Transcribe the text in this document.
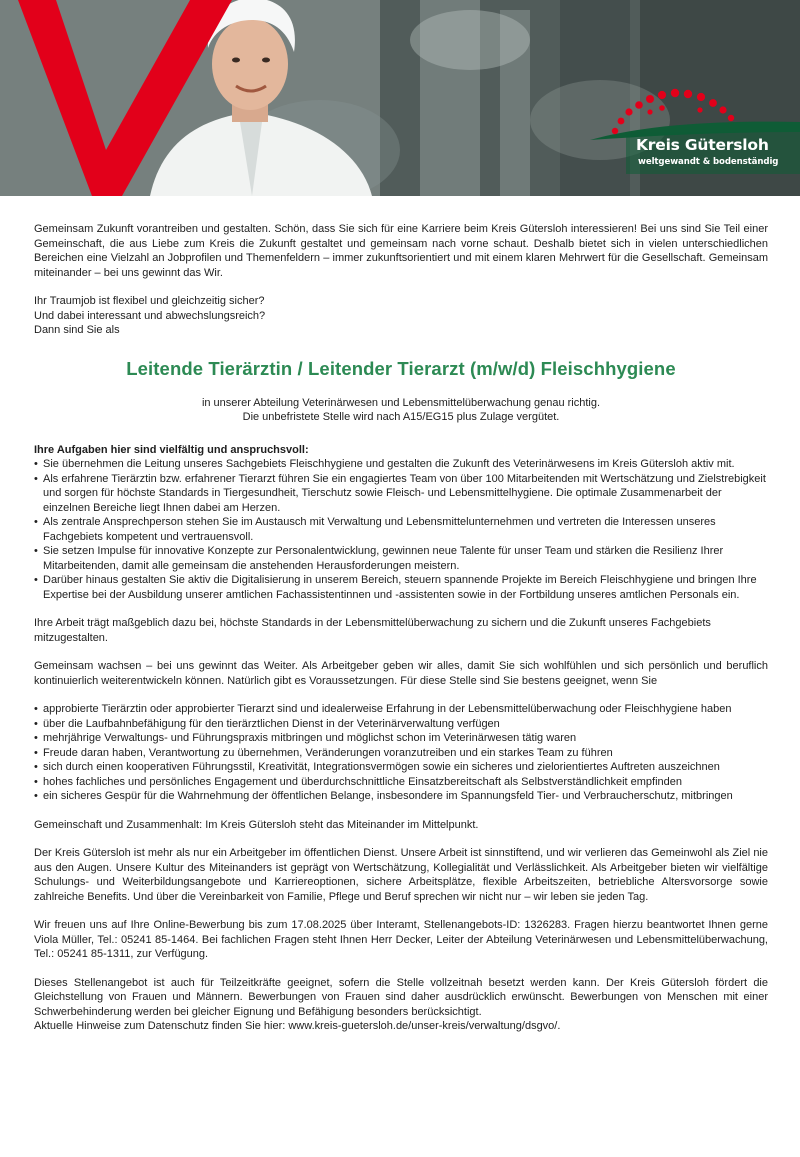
Kreis Gütersloh
weltgewandt & bodenständig

Gemeinsam Zukunft vorantreiben und gestalten. Schön, dass Sie sich für eine Karriere beim Kreis Gütersloh interessieren! Bei uns sind Sie Teil einer Gemeinschaft, die aus Liebe zum Kreis die Zukunft gestaltet und gemeinsam nach vorne schaut. Deshalb bietet sich in vielen unterschiedlichen Bereichen eine Vielzahl an Jobprofilen und Themenfeldern – immer zukunftsorientiert und mit einem klaren Mehrwert für die Gesellschaft. Gemeinsam miteinander – bei uns gewinnt das Wir.

Ihr Traumjob ist flexibel und gleichzeitig sicher?

Und dabei interessant und abwechslungsreich?

Dann sind Sie als

Leitende Tierärztin / Leitender Tierarzt (m/w/d) Fleischhygiene

in unserer Abteilung Veterinärwesen und Lebensmittelüberwachung genau richtig.

Die unbefristete Stelle wird nach A15/EG15 plus Zulage vergütet.

Ihre Aufgaben hier sind vielfältig und anspruchsvoll:

• Sie übernehmen die Leitung unseres Sachgebiets Fleischhygiene und gestalten die Zukunft des Veterinärwesens im Kreis Gütersloh aktiv mit.
• Als erfahrene Tierärztin bzw. erfahrener Tierarzt führen Sie ein engagiertes Team von über 100 Mitarbeitenden mit Wertschätzung und Zielstrebigkeit und sorgen für höchste Standards in Tiergesundheit, Tierschutz sowie Fleisch- und Lebensmittelhygiene. Die optimale Zusammenarbeit der einzelnen Bereiche liegt Ihnen dabei am Herzen.
• Als zentrale Ansprechperson stehen Sie im Austausch mit Verwaltung und Lebensmittelunternehmen und vertreten die Interessen unseres Fachgebiets kompetent und vertrauensvoll.
• Sie setzen Impulse für innovative Konzepte zur Personalentwicklung, gewinnen neue Talente für unser Team und stärken die Resilienz Ihrer Mitarbeitenden, damit alle gemeinsam die anstehenden Herausforderungen meistern.
• Darüber hinaus gestalten Sie aktiv die Digitalisierung in unserem Bereich, steuern spannende Projekte im Bereich Fleischhygiene und bringen Ihre Expertise bei der Ausbildung unserer amtlichen Fachassistentinnen und -assistenten sowie in der Fortbildung unseres amtlichen Personals ein.

Ihre Arbeit trägt maßgeblich dazu bei, höchste Standards in der Lebensmittelüberwachung zu sichern und die Zukunft unseres Fachgebiets mitzugestalten.

Gemeinsam wachsen – bei uns gewinnt das Weiter. Als Arbeitgeber geben wir alles, damit Sie sich wohlfühlen und sich persönlich und beruflich kontinuierlich weiterentwickeln können. Natürlich gibt es Voraussetzungen. Für diese Stelle sind Sie bestens geeignet, wenn Sie

• approbierte Tierärztin oder approbierter Tierarzt sind und idealerweise Erfahrung in der Lebensmittelüberwachung oder Fleischhygiene haben
• über die Laufbahnbefähigung für den tierärztlichen Dienst in der Veterinärverwaltung verfügen
• mehrjährige Verwaltungs- und Führungspraxis mitbringen und möglichst schon im Veterinärwesen tätig waren
• Freude daran haben, Verantwortung zu übernehmen, Veränderungen voranzutreiben und ein starkes Team zu führen
• sich durch einen kooperativen Führungsstil, Kreativität, Integrationsvermögen sowie ein sicheres und zielorientiertes Auftreten auszeichnen
• hohes fachliches und persönliches Engagement und überdurchschnittliche Einsatzbereitschaft als Selbstverständlichkeit empfinden
• ein sicheres Gespür für die Wahrnehmung der öffentlichen Belange, insbesondere im Spannungsfeld Tier- und Verbraucherschutz, mitbringen

Gemeinschaft und Zusammenhalt: Im Kreis Gütersloh steht das Miteinander im Mittelpunkt.

Der Kreis Gütersloh ist mehr als nur ein Arbeitgeber im öffentlichen Dienst. Unsere Arbeit ist sinnstiftend, und wir verlieren das Gemeinwohl als Ziel nie aus den Augen. Unsere Kultur des Miteinanders ist geprägt von Wertschätzung, Kollegialität und Verlässlichkeit. Als Arbeitgeber bieten wir vielfältige Schulungs- und Weiterbildungsangebote und Karriereoptionen, sichere Arbeitsplätze, flexible Arbeitszeiten, betriebliche Altersvorsorge sowie zahlreiche Benefits. Und über die Vereinbarkeit von Familie, Pflege und Beruf sprechen wir nicht nur – wir leben sie jeden Tag.

Wir freuen uns auf Ihre Online-Bewerbung bis zum 17.08.2025 über Interamt, Stellenangebots-ID: 1326283. Fragen hierzu beantwortet Ihnen gerne Viola Müller, Tel.: 05241 85-1464. Bei fachlichen Fragen steht Ihnen Herr Decker, Leiter der Abteilung Veterinärwesen und Lebensmittelüberwachung, Tel.: 05241 85-1311, zur Verfügung.

Dieses Stellenangebot ist auch für Teilzeitkräfte geeignet, sofern die Stelle vollzeitnah besetzt werden kann. Der Kreis Gütersloh fördert die Gleichstellung von Frauen und Männern. Bewerbungen von Frauen sind daher ausdrücklich erwünscht. Bewerbungen von Menschen mit einer Schwerbehinderung werden bei gleicher Eignung und Befähigung besonders berücksichtigt.

Aktuelle Hinweise zum Datenschutz finden Sie hier: www.kreis-guetersloh.de/unser-kreis/verwaltung/dsgvo/.
